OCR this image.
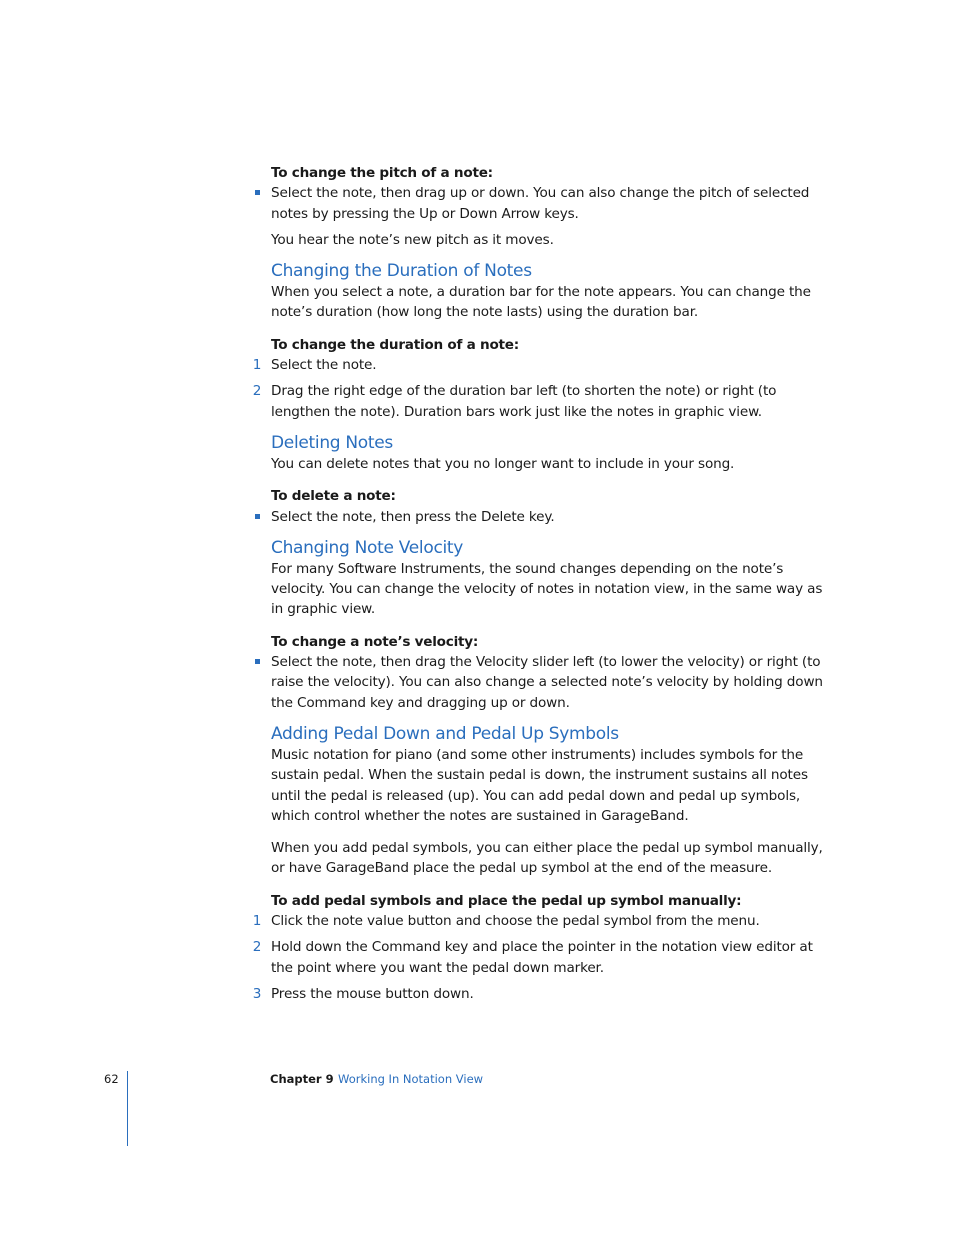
To change the pitch of a note:

Select the note, then drag up or down. You can also change the pitch of selected notes by pressing the Up or Down Arrow keys.

You hear the note’s new pitch as it moves.

Changing the Duration of Notes

When you select a note, a duration bar for the note appears. You can change the note’s duration (how long the note lasts) using the duration bar.

To change the duration of a note:

1 Select the note.

2 Drag the right edge of the duration bar left (to shorten the note) or right (to lengthen the note). Duration bars work just like the notes in graphic view.

Deleting Notes

You can delete notes that you no longer want to include in your song.

To delete a note:

Select the note, then press the Delete key.

Changing Note Velocity

For many Software Instruments, the sound changes depending on the note’s velocity. You can change the velocity of notes in notation view, in the same way as in graphic view.

To change a note’s velocity:

Select the note, then drag the Velocity slider left (to lower the velocity) or right (to raise the velocity). You can also change a selected note’s velocity by holding down the Command key and dragging up or down.

Adding Pedal Down and Pedal Up Symbols

Music notation for piano (and some other instruments) includes symbols for the sustain pedal. When the sustain pedal is down, the instrument sustains all notes until the pedal is released (up). You can add pedal down and pedal up symbols, which control whether the notes are sustained in GarageBand.

When you add pedal symbols, you can either place the pedal up symbol manually, or have GarageBand place the pedal up symbol at the end of the measure.

To add pedal symbols and place the pedal up symbol manually:

1 Click the note value button and choose the pedal symbol from the menu.

2 Hold down the Command key and place the pointer in the notation view editor at the point where you want the pedal down marker.

3 Press the mouse button down.

62	Chapter 9 Working In Notation View
